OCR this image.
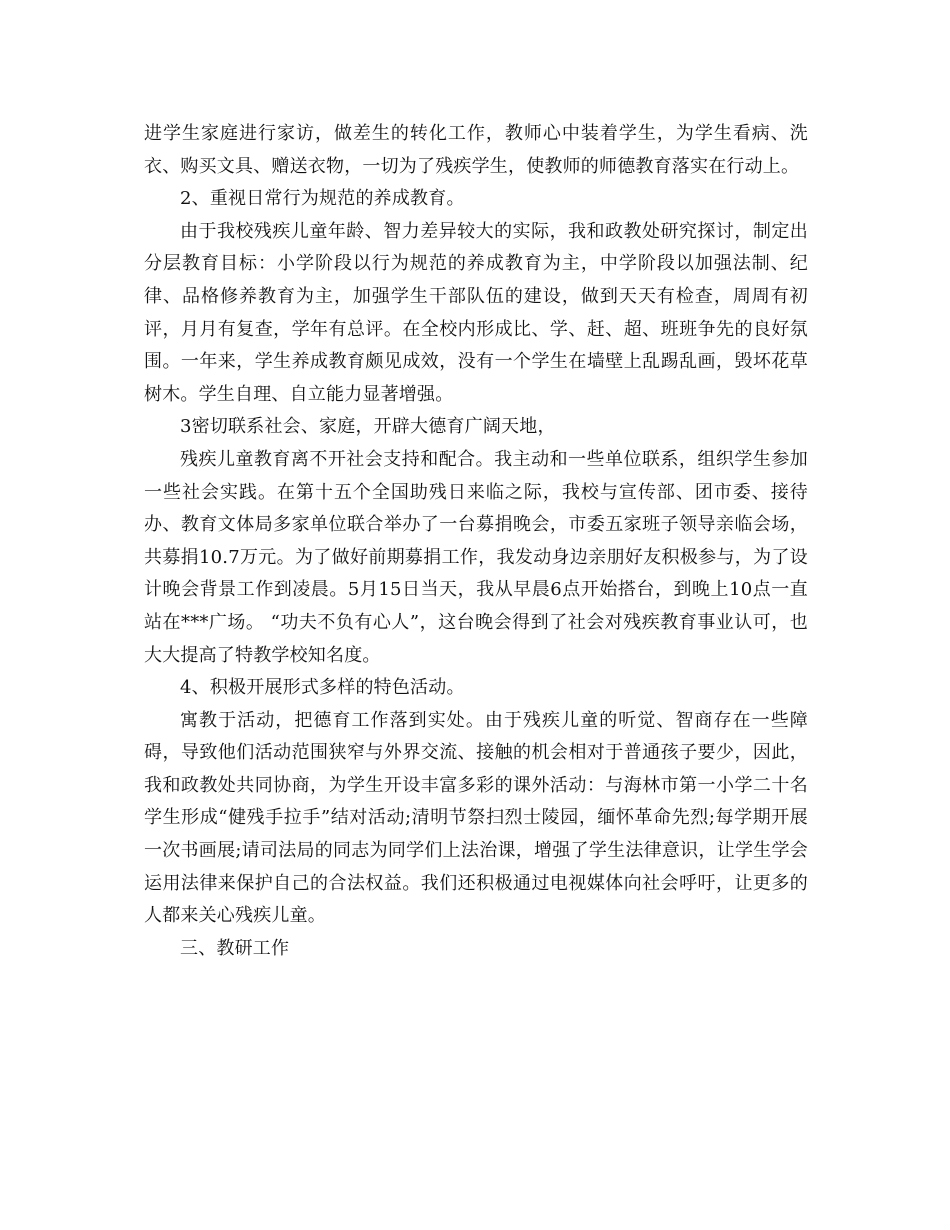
进学生家庭进行家访，做差生的转化工作，教师心中装着学生，为学生看病、洗衣、购买文具、赠送衣物，一切为了残疾学生，使教师的师德教育落实在行动上。

2、重视日常行为规范的养成教育。

由于我校残疾儿童年龄、智力差异较大的实际，我和政教处研究探讨，制定出分层教育目标：小学阶段以行为规范的养成教育为主，中学阶段以加强法制、纪律、品格修养教育为主，加强学生干部队伍的建设，做到天天有检查，周周有初评，月月有复查，学年有总评。在全校内形成比、学、赶、超、班班争先的良好氛围。一年来，学生养成教育颇见成效，没有一个学生在墙壁上乱踢乱画，毁坏花草树木。学生自理、自立能力显著增强。

3密切联系社会、家庭，开辟大德育广阔天地，

残疾儿童教育离不开社会支持和配合。我主动和一些单位联系，组织学生参加一些社会实践。在第十五个全国助残日来临之际，我校与宣传部、团市委、接待办、教育文体局多家单位联合举办了一台募捐晚会，市委五家班子领导亲临会场，共募捐10.7万元。为了做好前期募捐工作，我发动身边亲朋好友积极参与，为了设计晚会背景工作到凌晨。5月15日当天，我从早晨6点开始搭台，到晚上10点一直站在***广场。 “功夫不负有心人”，这台晚会得到了社会对残疾教育事业认可，也大大提高了特教学校知名度。

4、积极开展形式多样的特色活动。

寓教于活动，把德育工作落到实处。由于残疾儿童的听觉、智商存在一些障碍，导致他们活动范围狭窄与外界交流、接触的机会相对于普通孩子要少，因此，我和政教处共同协商，为学生开设丰富多彩的课外活动：与海林市第一小学二十名学生形成“健残手拉手”结对活动;清明节祭扫烈士陵园，缅怀革命先烈;每学期开展一次书画展;请司法局的同志为同学们上法治课，增强了学生法律意识，让学生学会运用法律来保护自己的合法权益。我们还积极通过电视媒体向社会呼吁，让更多的人都来关心残疾儿童。

三、教研工作
